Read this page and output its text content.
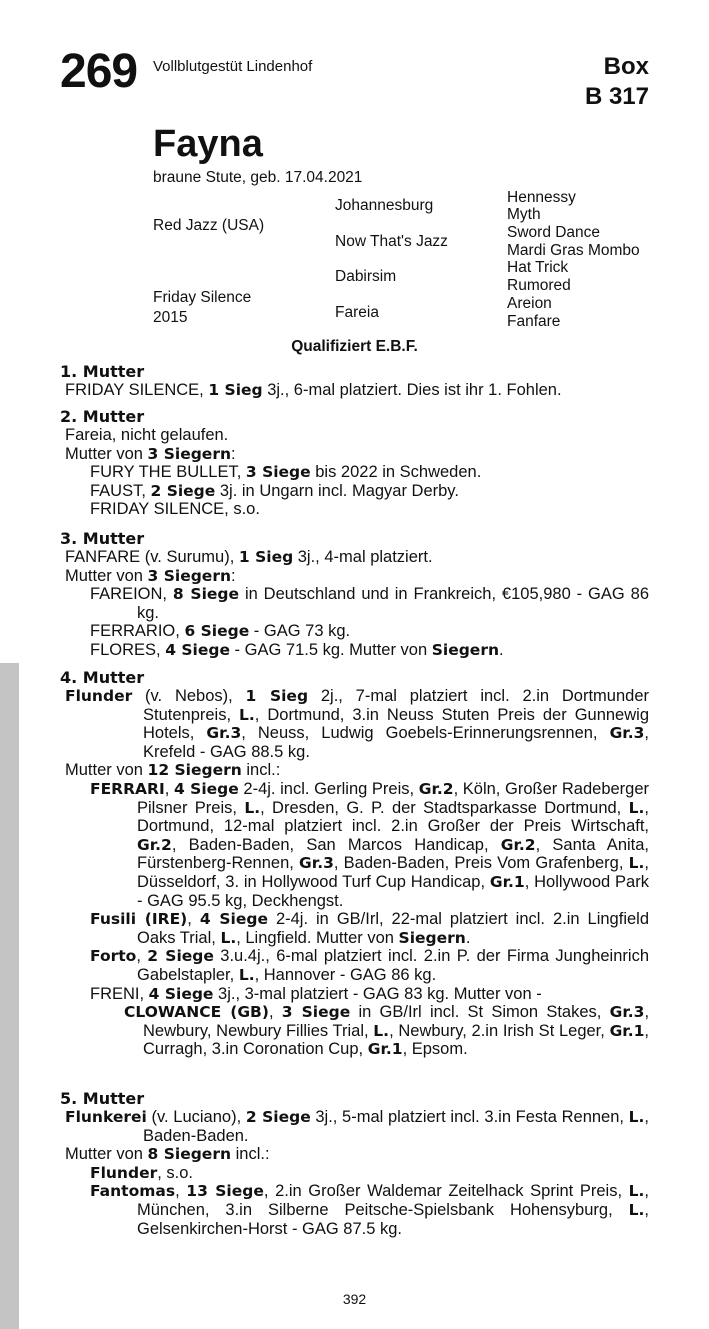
269 Vollblutgestüt Lindenhof	Box
B 317
Fayna
braune Stute, geb. 17.04.2021
Red Jazz (USA)
Friday Silence
2015
Johannesburg
Now That's Jazz
Dabirsim
Fareia
Hennessy
Myth
Sword Dance
Mardi Gras Mombo
Hat Trick
Rumored
Areion
Fanfare
Qualifiziert E.B.F.
1. Mutter
FRIDAY SILENCE, 1 Sieg 3j., 6-mal platziert. Dies ist ihr 1. Fohlen.
2. Mutter
Fareia, nicht gelaufen.
Mutter von 3 Siegern:
FURY THE BULLET, 3 Siege bis 2022 in Schweden.
FAUST, 2 Siege 3j. in Ungarn incl. Magyar Derby.
FRIDAY SILENCE, s.o.
3. Mutter
FANFARE (v. Surumu), 1 Sieg 3j., 4-mal platziert.
Mutter von 3 Siegern:
FAREION, 8 Siege in Deutschland und in Frankreich, €105,980 - GAG 86 kg.
FERRARIO, 6 Siege - GAG 73 kg.
FLORES, 4 Siege - GAG 71.5 kg. Mutter von Siegern.
4. Mutter
Flunder (v. Nebos), 1 Sieg 2j., 7-mal platziert incl. 2.in Dortmunder Stutenpreis, L., Dortmund, 3.in Neuss Stuten Preis der Gunnewig Hotels, Gr.3, Neuss, Ludwig Goebels-Erinnerungsrennen, Gr.3, Krefeld - GAG 88.5 kg.
Mutter von 12 Siegern incl.:
FERRARI, 4 Siege 2-4j. incl. Gerling Preis, Gr.2, Köln, Großer Radeberger Pilsner Preis, L., Dresden, G. P. der Stadtsparkasse Dortmund, L., Dortmund, 12-mal platziert incl. 2.in Großer der Preis Wirtschaft, Gr.2, Baden-Baden, San Marcos Handicap, Gr.2, Santa Anita, Fürstenberg-Rennen, Gr.3, Baden-Baden, Preis Vom Grafenberg, L., Düsseldorf, 3. in Hollywood Turf Cup Handicap, Gr.1, Hollywood Park - GAG 95.5 kg, Deckhengst.
Fusili (IRE), 4 Siege 2-4j. in GB/Irl, 22-mal platziert incl. 2.in Lingfield Oaks Trial, L., Lingfield. Mutter von Siegern.
Forto, 2 Siege 3.u.4j., 6-mal platziert incl. 2.in P. der Firma Jungheinrich Gabelstapler, L., Hannover - GAG 86 kg.
FRENI, 4 Siege 3j., 3-mal platziert - GAG 83 kg. Mutter von -
CLOWANCE (GB), 3 Siege in GB/Irl incl. St Simon Stakes, Gr.3, Newbury, Newbury Fillies Trial, L., Newbury, 2.in Irish St Leger, Gr.1, Curragh, 3.in Coronation Cup, Gr.1, Epsom.
5. Mutter
Flunkerei (v. Luciano), 2 Siege 3j., 5-mal platziert incl. 3.in Festa Rennen, L., Baden-Baden.
Mutter von 8 Siegern incl.:
Flunder, s.o.
Fantomas, 13 Siege, 2.in Großer Waldemar Zeitelhack Sprint Preis, L., München, 3.in Silberne Peitsche-Spielsbank Hohensyburg, L., Gelsenkirchen-Horst - GAG 87.5 kg.
392
